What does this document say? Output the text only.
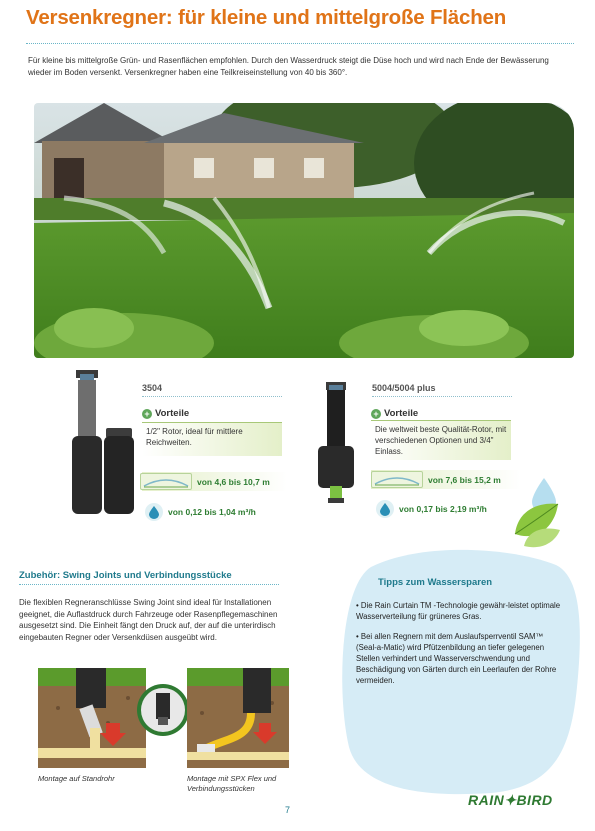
Versenkregner: für kleine und mittelgroße Flächen
Für kleine bis mittelgroße Grün- und Rasenflächen empfohlen. Durch den Wasserdruck steigt die Düse hoch und wird nach Ende der Bewässerung wieder im Boden versenkt. Versenkregner haben eine Teilkreiseinstellung von 40 bis 360°.
3504
+ Vorteile
1/2" Rotor, ideal für mittlere Reichweiten.
von 4,6 bis 10,7 m
von 0,12 bis 1,04 m³/h
5004/5004 plus
+ Vorteile
Die weltweit beste Qualität-Rotor, mit verschiedenen Optionen und 3/4" Einlass.
von 7,6 bis 15,2 m
von 0,17 bis 2,19 m³/h
Zubehör: Swing Joints und Verbindungsstücke
Die flexiblen Regneranschlüsse Swing Joint sind ideal für Installationen geeignet, die Auflastdruck durch Fahrzeuge oder Rasenpflegemaschinen ausgesetzt sind. Die Einheit fängt den Druck auf, der auf die unterirdisch eingebauten Regner oder Versenkdüsen ausgeübt wird.
Montage auf Standrohr	Montage mit SPX Flex und
Verbindungsstücken
Tipps zum Wassersparen

• Die Rain Curtain TM -Technologie gewähr-leistet optimale Wasserverteilung für grüneres Gras.

• Bei allen Regnern mit dem Auslaufsperrventil SAM™ (Seal-a-Matic) wird Pfützenbildung an tiefer gelegenen Stellen verhindert und Wasserverschwendung und Beschädigung von Gärten durch ein Leerlaufen der Rohre vermeiden.

7
RAIN✦BIRD
